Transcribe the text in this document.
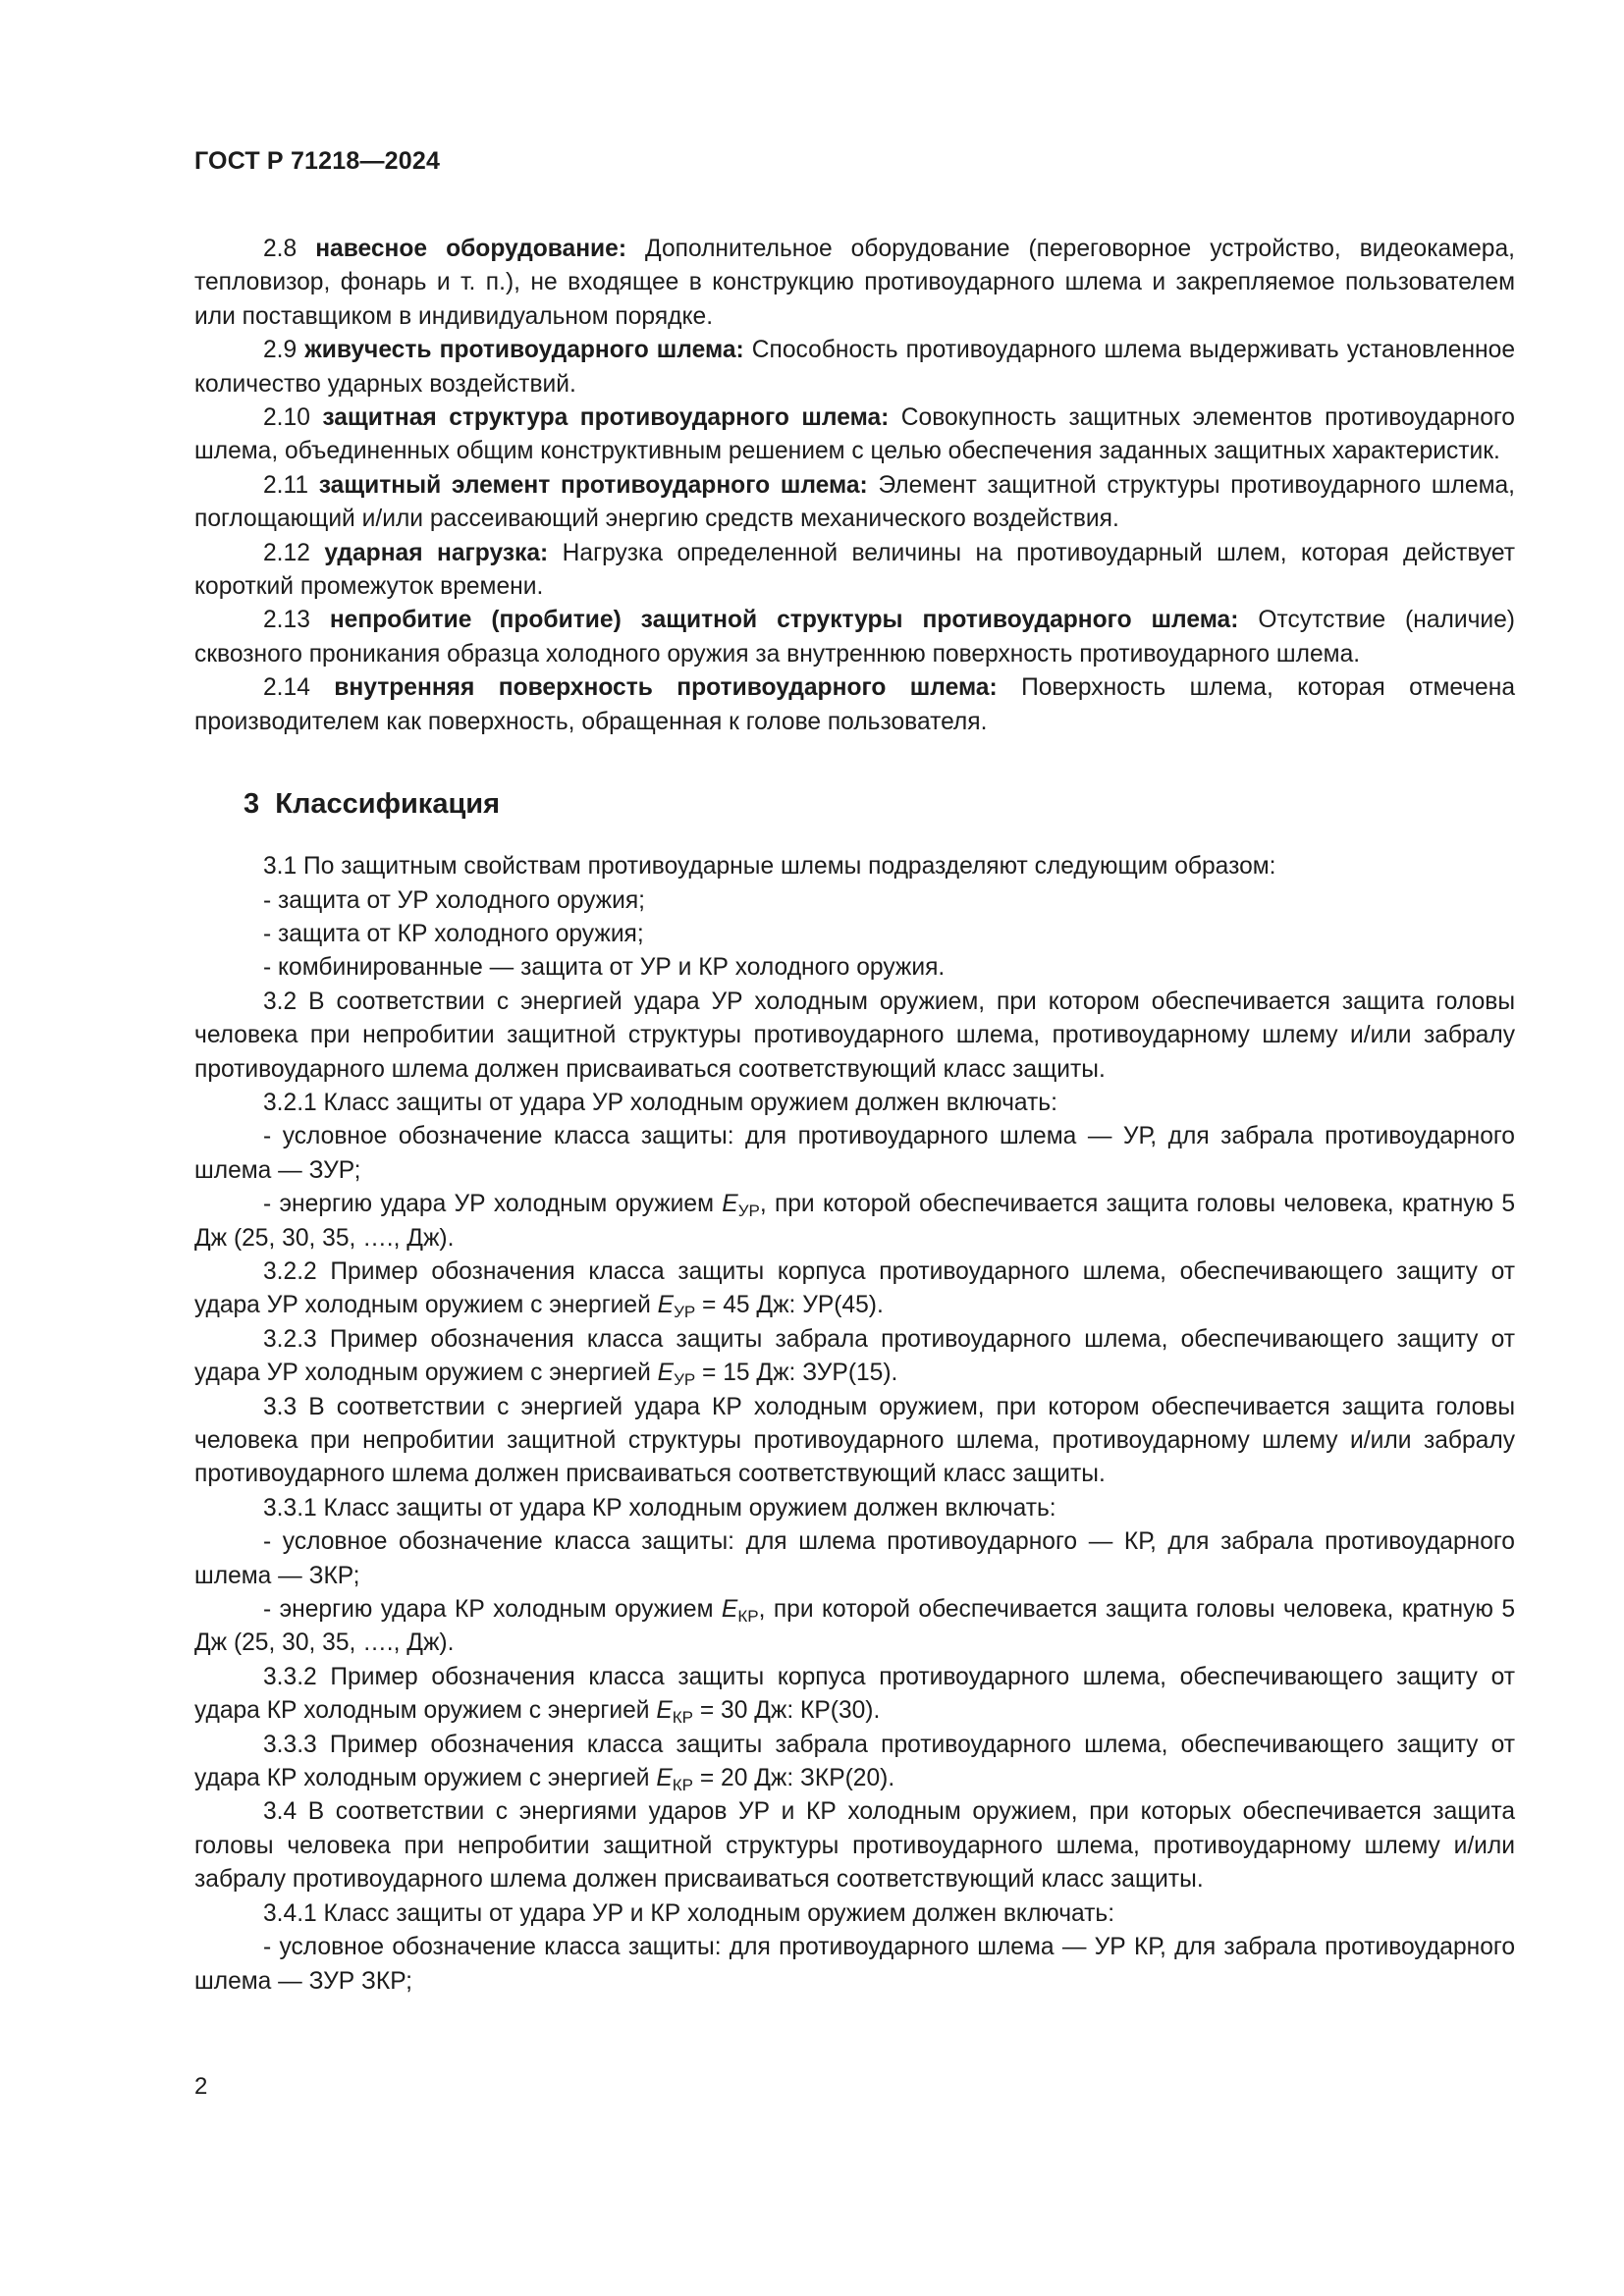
ГОСТ Р 71218—2024

2.8 навесное оборудование: Дополнительное оборудование (переговорное устройство, видеокамера, тепловизор, фонарь и т. п.), не входящее в конструкцию противоударного шлема и закрепляемое пользователем или поставщиком в индивидуальном порядке.

2.9 живучесть противоударного шлема: Способность противоударного шлема выдерживать установленное количество ударных воздействий.

2.10 защитная структура противоударного шлема: Совокупность защитных элементов противоударного шлема, объединенных общим конструктивным решением с целью обеспечения заданных защитных характеристик.

2.11 защитный элемент противоударного шлема: Элемент защитной структуры противоударного шлема, поглощающий и/или рассеивающий энергию средств механического воздействия.

2.12 ударная нагрузка: Нагрузка определенной величины на противоударный шлем, которая действует короткий промежуток времени.

2.13 непробитие (пробитие) защитной структуры противоударного шлема: Отсутствие (наличие) сквозного проникания образца холодного оружия за внутреннюю поверхность противоударного шлема.

2.14 внутренняя поверхность противоударного шлема: Поверхность шлема, которая отмечена производителем как поверхность, обращенная к голове пользователя.

3 Классификация

3.1 По защитным свойствам противоударные шлемы подразделяют следующим образом:

- защита от УР холодного оружия;

- защита от КР холодного оружия;

- комбинированные — защита от УР и КР холодного оружия.

3.2 В соответствии с энергией удара УР холодным оружием, при котором обеспечивается защита головы человека при непробитии защитной структуры противоударного шлема, противоударному шлему и/или забралу противоударного шлема должен присваиваться соответствующий класс защиты.

3.2.1 Класс защиты от удара УР холодным оружием должен включать:

- условное обозначение класса защиты: для противоударного шлема — УР, для забрала противоударного шлема — ЗУР;

- энергию удара УР холодным оружием $E_{УР}$, при которой обеспечивается защита головы человека, кратную 5 Дж (25, 30, 35, …., Дж).

3.2.2 Пример обозначения класса защиты корпуса противоударного шлема, обеспечивающего защиту от удара УР холодным оружием с энергией $E_{УР} = 45$ Дж: УР(45).

3.2.3 Пример обозначения класса защиты забрала противоударного шлема, обеспечивающего защиту от удара УР холодным оружием с энергией $E_{УР} = 15$ Дж: ЗУР(15).

3.3 В соответствии с энергией удара КР холодным оружием, при котором обеспечивается защита головы человека при непробитии защитной структуры противоударного шлема, противоударному шлему и/или забралу противоударного шлема должен присваиваться соответствующий класс защиты.

3.3.1 Класс защиты от удара КР холодным оружием должен включать:

- условное обозначение класса защиты: для шлема противоударного — КР, для забрала противоударного шлема — ЗКР;

- энергию удара КР холодным оружием $E_{КР}$, при которой обеспечивается защита головы человека, кратную 5 Дж (25, 30, 35, …., Дж).

3.3.2 Пример обозначения класса защиты корпуса противоударного шлема, обеспечивающего защиту от удара КР холодным оружием с энергией $E_{КР} = 30$ Дж: КР(30).

3.3.3 Пример обозначения класса защиты забрала противоударного шлема, обеспечивающего защиту от удара КР холодным оружием с энергией $E_{КР} = 20$ Дж: ЗКР(20).

3.4 В соответствии с энергиями ударов УР и КР холодным оружием, при которых обеспечивается защита головы человека при непробитии защитной структуры противоударного шлема, противоударному шлему и/или забралу противоударного шлема должен присваиваться соответствующий класс защиты.

3.4.1 Класс защиты от удара УР и КР холодным оружием должен включать:

- условное обозначение класса защиты: для противоударного шлема — УР КР, для забрала противоударного шлема — ЗУР ЗКР;

2
